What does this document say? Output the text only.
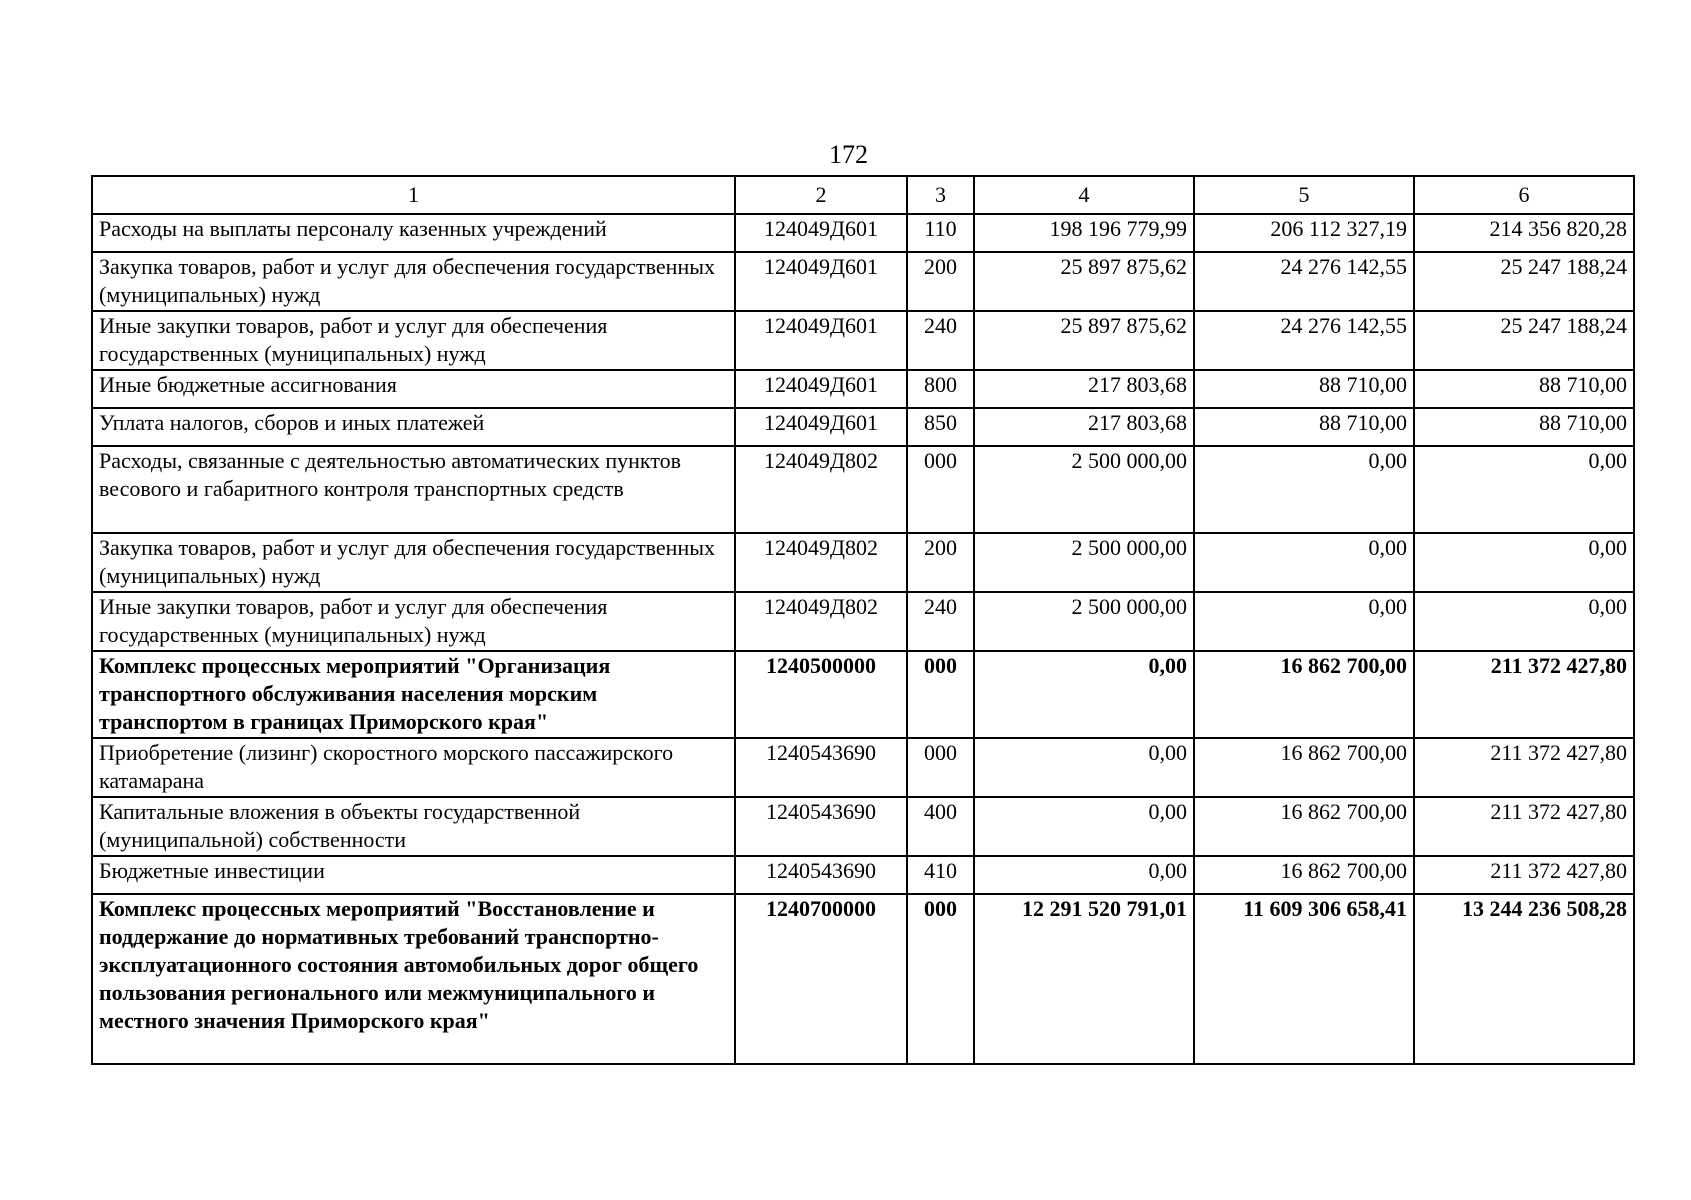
172
1	2	3	4	5	6
Расходы на выплаты персоналу казенных учреждений	124049Д601	110	198 196 779,99	206 112 327,19	214 356 820,28
Закупка товаров, работ и услуг для обеспечения государственных (муниципальных) нужд	124049Д601	200	25 897 875,62	24 276 142,55	25 247 188,24
Иные закупки товаров, работ и услуг для обеспечения государственных (муниципальных) нужд	124049Д601	240	25 897 875,62	24 276 142,55	25 247 188,24
Иные бюджетные ассигнования	124049Д601	800	217 803,68	88 710,00	88 710,00
Уплата налогов, сборов и иных платежей	124049Д601	850	217 803,68	88 710,00	88 710,00
Расходы, связанные с деятельностью автоматических пунктов весового и габаритного контроля транспортных средств	124049Д802	000	2 500 000,00	0,00	0,00
Закупка товаров, работ и услуг для обеспечения государственных (муниципальных) нужд	124049Д802	200	2 500 000,00	0,00	0,00
Иные закупки товаров, работ и услуг для обеспечения государственных (муниципальных) нужд	124049Д802	240	2 500 000,00	0,00	0,00
Комплекс процессных мероприятий "Организация транспортного обслуживания населения морским транспортом в границах Приморского края"	1240500000	000	0,00	16 862 700,00	211 372 427,80
Приобретение (лизинг) скоростного морского пассажирского катамарана	1240543690	000	0,00	16 862 700,00	211 372 427,80
Капитальные вложения в объекты государственной (муниципальной) собственности	1240543690	400	0,00	16 862 700,00	211 372 427,80
Бюджетные инвестиции	1240543690	410	0,00	16 862 700,00	211 372 427,80
Комплекс процессных мероприятий "Восстановление и поддержание до нормативных требований транспортно-эксплуатационного состояния автомобильных дорог общего пользования регионального или межмуниципального и местного значения Приморского края"	1240700000	000	12 291 520 791,01	11 609 306 658,41	13 244 236 508,28
